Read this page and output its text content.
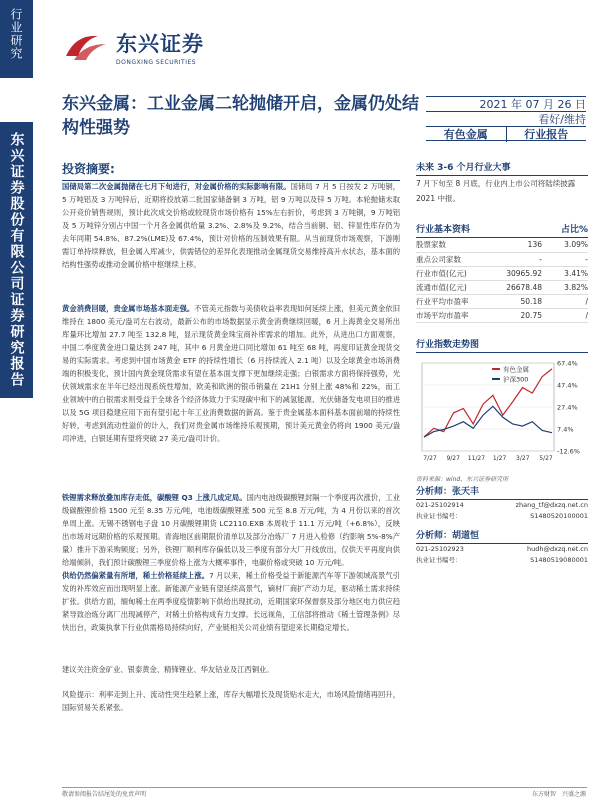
行业研究
东兴证券股份有限公司证券研究报告
东兴证券
DONGXING SECURITIES
东兴金属：工业金属二轮抛储开启，金属仍处结构性强势
2021 年 07 月 26 日
看好/维持
有色金属	行业报告
投资摘要:
国储局第二次金属抛储在七月下旬进行，对金属价格的实际影响有限。国储局 7 月 5 日按发 2 万吨铜，5 万吨铝及 3 万吨锌后，近期将投放第二批国家储备铜 3 万吨，铝 9 万吨以及锌 5 万吨。本轮抛储未取公开竞价销售规则，预计此次成交价格或较现货市场价格有 15%左右折价，考虑到 3 万吨铜，9 万吨铝及 5 万吨锌分别占中国一个月各金属供给量 3.2%、2.8%及 9.2%，结合当前铜、铝、锌显性库存仍为去年同期 54.8%、87.2%(LME)及 67.4%，预计对价格的压制效果有限。从当前现货市场观察，下游刚需订单持续释放，但金属入库减少，供需错位的差异化表现推动金属现货交易维持高升水状态，基本面的结构性强势或推动金属价格中枢继续上移。
黄金消费回暖，贵金属市场基本面走强。不管美元指数与美债收益率表现如何延续上涨，但美元黄金依旧维持在 1800 美元/盎司左右波动，最新公布的市场数据显示黄金消费继续回暖，6 月上海黄金交易所出库量环比增加 27.7 吨至 132.8 吨，显示现货黄金珠宝商补库需求的增加。此外，从进出口方面观察，中国二季度黄金进口量达到 247 吨，其中 6 月黄金进口同比增加 61 吨至 68 吨，再度印证黄金现货交易的实际需求。考虑到中国市场黄金 ETF 的持续性增长（6 月持续流入 2.1 吨）以及全球黄金市场消费端的积极变化，预计国内黄金现货需求有望在基本面支撑下更加继续走强；白银需求方面将保持强势，光伏领域需求在半年已经出现系统性增加，欧美和欧洲的银币销量在 21H1 分别上涨 48%和 22%，而工业领域中的白银需求则受益于全球各个经济体致力于实现碳中和下的减氢能源、光伏储备发电项目的推进以及 5G 项目稳建应用下而有望引起十年工业消费数据的新高。鉴于贵金属基本面科基本面前端的持续性好转，考虑到流动性溢价的计入，我们对贵金属市场维持乐观预期，预计美元黄金仍将向 1900 美元/盎司冲进，白银延期有望将突破 27 美元/盎司计价。
铁锂需求释放叠加库存走低，碳酸锂 Q3 上涨几成定局。国内电池级碳酸锂封隔一个季度再次涨价，工业级碳酸锂价格 1500 元至 8.35 万元/吨，电池级碳酸锂涨 500 元至 8.8 万元/吨，为 4 月份以来的首次单周上涨。无锡不锈钢电子盘 10 月碳酸锂期货 LC2110.EXB 本周收于 11.1 万元/吨（+6.8%），反映出市场对远期价格的乐观预期。青海地区前期限价清单以及部分冶炼厂 7 月进入检修（约影响 5%-8%产量）推升下游采购频度；另外，铁锂厂顺利库存偏低以及三季度有部分大厂开线放出，仅供天平再度向供给端倾斜，我们预计碳酸锂三季度价格上涨为大概率事件，电碳价格或突破 10 万元/吨。
供给仍然偏紧量有所增，稀土价格延续上涨。7 月以来，稀土价格受益于新能源汽车等下游领域高景气引发的补库效应而出现明显上涨。新能源产业链有望延续高景气，镝材厂商扩产动力足，驱动稀土需求持续扩张。供给方面，缅甸稀土在两季度疫情影响下供给出现扰动，近期国家环保督察及部分地区电力供应趋紧导致冶炼分离厂出现减停产，对稀土价格构成有力支撑。长远视角，工信部将推动《稀土管理条例》尽快出台，政策执掌下行业供需格局持续向好，产业链相关公司业绩有望迎来长期稳定增长。
建议关注资金矿业、银泰黄金、精锋锂业、华友钴业及江西铜业。
风险提示：利率走到上升、流动性突生趋紧上涨，库存大幅增长及现货贴水走大，市场风险情绪再回升，国际贸易关系紧张。
未来 3-6 个月行业大事
7 月下旬至 8 月底，行业内上市公司将陆续披露 2021 中报。
行业基本资料	占比%
股票家数	136	3.09%
重点公司家数	-	-
行业市值(亿元)	30965.92	3.41%
流通市值(亿元)	26678.48	3.82%
行业平均市盈率	50.18	/
市场平均市盈率	20.75	/
行业指数走势图
67.4%
47.4%
27.4%
7.4%
-12.6%
7/27 9/27 11/27 1/27 3/27 5/27
有色金属
沪深300
资料来源：wind、东兴证券研究所
分析师：张天丰
021-25102914	zhang_tf@dxzq.net.cn
执业证书编号：	S1480520100001
分析师：胡道恒
021-25102923	hudh@dxzq.net.cn
执业证书编号：	S1480519080001
敬请参阅报告结尾处的免责声明	东方财智　兴盛之源
